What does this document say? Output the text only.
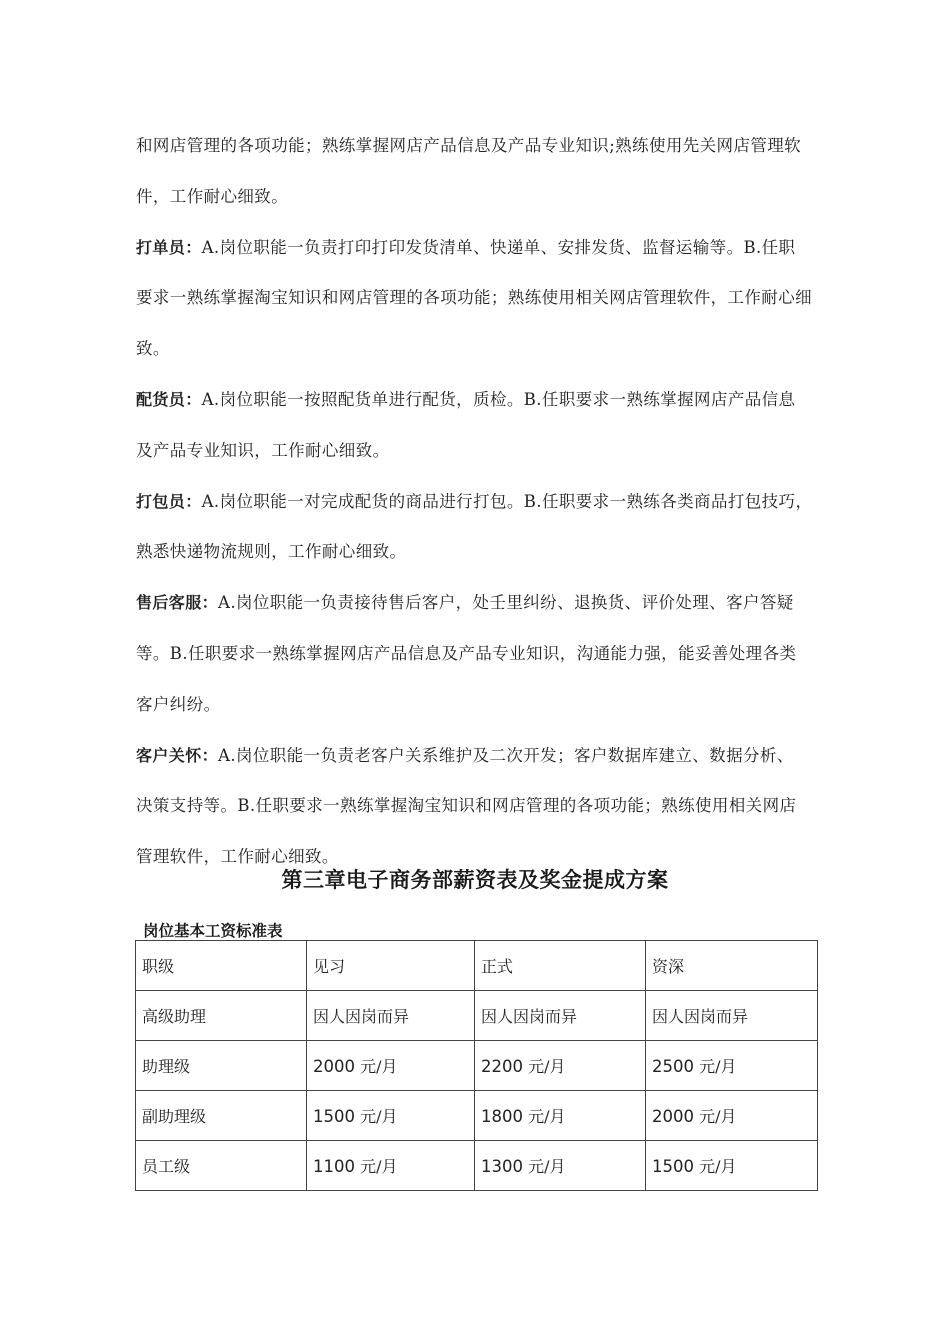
和网店管理的各项功能；熟练掌握网店产品信息及产品专业知识;熟练使用先关网店管理软
件，工作耐心细致。
打单员：A.岗位职能一负责打印打印发货清单、快递单、安排发货、监督运输等。B.任职
要求一熟练掌握淘宝知识和网店管理的各项功能；熟练使用相关网店管理软件，工作耐心细
致。
配货员：A.岗位职能一按照配货单进行配货，质检。B.任职要求一熟练掌握网店产品信息
及产品专业知识，工作耐心细致。
打包员：A.岗位职能一对完成配货的商品进行打包。B.任职要求一熟练各类商品打包技巧，
熟悉快递物流规则，工作耐心细致。
售后客服：A.岗位职能一负责接待售后客户，处壬里纠纷、退换货、评价处理、客户答疑
等。B.任职要求一熟练掌握网店产品信息及产品专业知识，沟通能力强，能妥善处理各类
客户纠纷。
客户关怀：A.岗位职能一负责老客户关系维护及二次开发；客户数据库建立、数据分析、
决策支持等。B.任职要求一熟练掌握淘宝知识和网店管理的各项功能；熟练使用相关网店
管理软件，工作耐心细致。
第三章电子商务部薪资表及奖金提成方案
岗位基本工资标准表
职级	见习	正式	资深
高级助理	因人因岗而异	因人因岗而异	因人因岗而异
助理级	2000 元/月	2200 元/月	2500 元/月
副助理级	1500 元/月	1800 元/月	2000 元/月
员工级	1100 元/月	1300 元/月	1500 元/月
